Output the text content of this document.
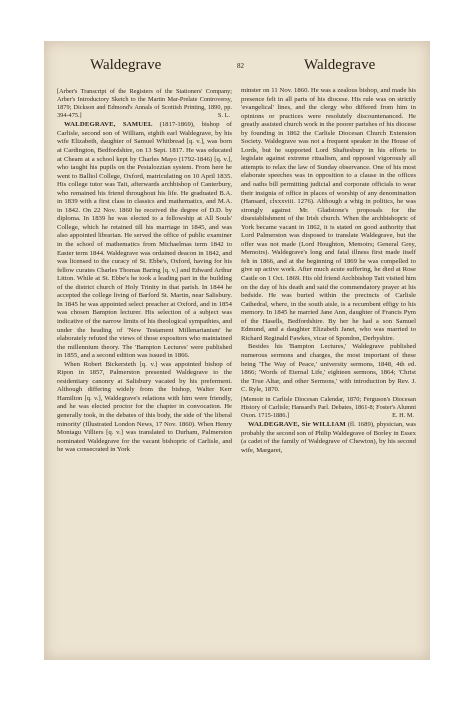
Waldegrave	82	Waldegrave

[Arber's Transcript of the Registers of the Stationers' Company; Arber's Introductory Sketch to the Martin Mar-Prelate Controversy, 1879; Dickson and Edmond's Annals of Scottish Printing, 1890, pp. 394-475.]	S. L.

WALDEGRAVE, SAMUEL (1817-1869), bishop of Carlisle, second son of William, eighth earl Waldegrave, by his wife Elizabeth, daughter of Samuel Whitbread [q. v.], was born at Cardington, Bedfordshire, on 13 Sept. 1817. He was educated at Cheam at a school kept by Charles Mayo (1792-1846) [q. v.], who taught his pupils on the Pestalozzian system. From here he went to Balliol College, Oxford, matriculating on 10 April 1835. His college tutor was Tait, afterwards archbishop of Canterbury, who remained his friend throughout his life. He graduated B.A. in 1839 with a first class in classics and mathematics, and M.A. in 1842. On 22 Nov. 1860 he received the degree of D.D. by diploma. In 1839 he was elected to a fellowship at All Souls' College, which he retained till his marriage in 1845, and was also appointed librarian. He served the office of public examiner in the school of mathematics from Michaelmas term 1842 to Easter term 1844. Waldegrave was ordained deacon in 1842, and was licensed to the curacy of St. Ebbe's, Oxford, having for his fellow curates Charles Thomas Baring [q. v.] and Edward Arthur Litton. While at St. Ebbe's he took a leading part in the building of the district church of Holy Trinity in that parish. In 1844 he accepted the college living of Barford St. Martin, near Salisbury. In 1845 he was appointed select preacher at Oxford, and in 1854 was chosen Bampton lecturer. His selection of a subject was indicative of the narrow limits of his theological sympathies, and under the heading of 'New Testament Millenarianism' he elaborately refuted the views of those expositors who maintained the millennium theory. The 'Bampton Lectures' were published in 1855, and a second edition was issued in 1866.

When Robert Bickersteth [q. v.] was appointed bishop of Ripon in 1857, Palmerston presented Waldegrave to the residentiary canonry at Salisbury vacated by his preferment. Although differing widely from the bishop, Walter Kerr Hamilton [q. v.], Waldegrave's relations with him were friendly, and he was elected proctor for the chapter in convocation. He generally took, in the debates of this body, the side of 'the liberal minority' (Illustrated London News, 17 Nov. 1860). When Henry Montagu Villiers [q. v.] was translated to Durham, Palmerston nominated Waldegrave for the vacant bishopric of Carlisle, and he was consecrated in York

minster on 11 Nov. 1860. He was a zealous bishop, and made his presence felt in all parts of his diocese. His rule was on strictly 'evangelical' lines, and the clergy who differed from him in opinions or practices were resolutely discountenanced. He greatly assisted church work in the poorer parishes of his diocese by founding in 1862 the Carlisle Diocesan Church Extension Society. Waldegrave was not a frequent speaker in the House of Lords, but he supported Lord Shaftesbury in his efforts to legislate against extreme ritualism, and opposed vigorously all attempts to relax the law of Sunday observance. One of his most elaborate speeches was in opposition to a clause in the offices and oaths bill permitting judicial and corporate officials to wear their insignia of office in places of worship of any denomination (Hansard, clxxxviii. 1276). Although a whig in politics, he was strongly against Mr. Gladstone's proposals for the disestablishment of the Irish church. When the archbishopric of York became vacant in 1862, it is stated on good authority that Lord Palmerston was disposed to translate Waldegrave, but the offer was not made (Lord Houghton, Memoirs; General Grey, Memoirs). Waldegrave's long and fatal illness first made itself felt in 1866, and at the beginning of 1869 he was compelled to give up active work. After much acute suffering, he died at Rose Castle on 1 Oct. 1869. His old friend Archbishop Tait visited him on the day of his death and said the commendatory prayer at his bedside. He was buried within the precincts of Carlisle Cathedral, where, in the south aisle, is a recumbent effigy to his memory. In 1845 he married Jane Ann, daughter of Francis Pym of the Hasells, Bedfordshire. By her he had a son Samuel Edmund, and a daughter Elizabeth Janet, who was married to Richard Reginald Fawkes, vicar of Spondon, Derbyshire.

Besides his 'Bampton Lectures,' Waldegrave published numerous sermons and charges, the most important of these being 'The Way of Peace,' university sermons, 1848, 4th ed. 1866; 'Words of Eternal Life,' eighteen sermons, 1864; 'Christ the True Altar, and other Sermons,' with introduction by Rev. J. C. Ryle, 1870.

[Memoir in Carlisle Diocesan Calendar, 1870; Ferguson's Diocesan History of Carlisle; Hansard's Parl. Debates, 1861-8; Foster's Alumni Oxon. 1715-1886.]	E. H. M.

WALDEGRAVE, Sir WILLIAM (fl. 1689), physician, was probably the second son of Philip Waldegrave of Borley in Essex (a cadet of the family of Waldegrave of Chewton), by his second wife, Margaret,
